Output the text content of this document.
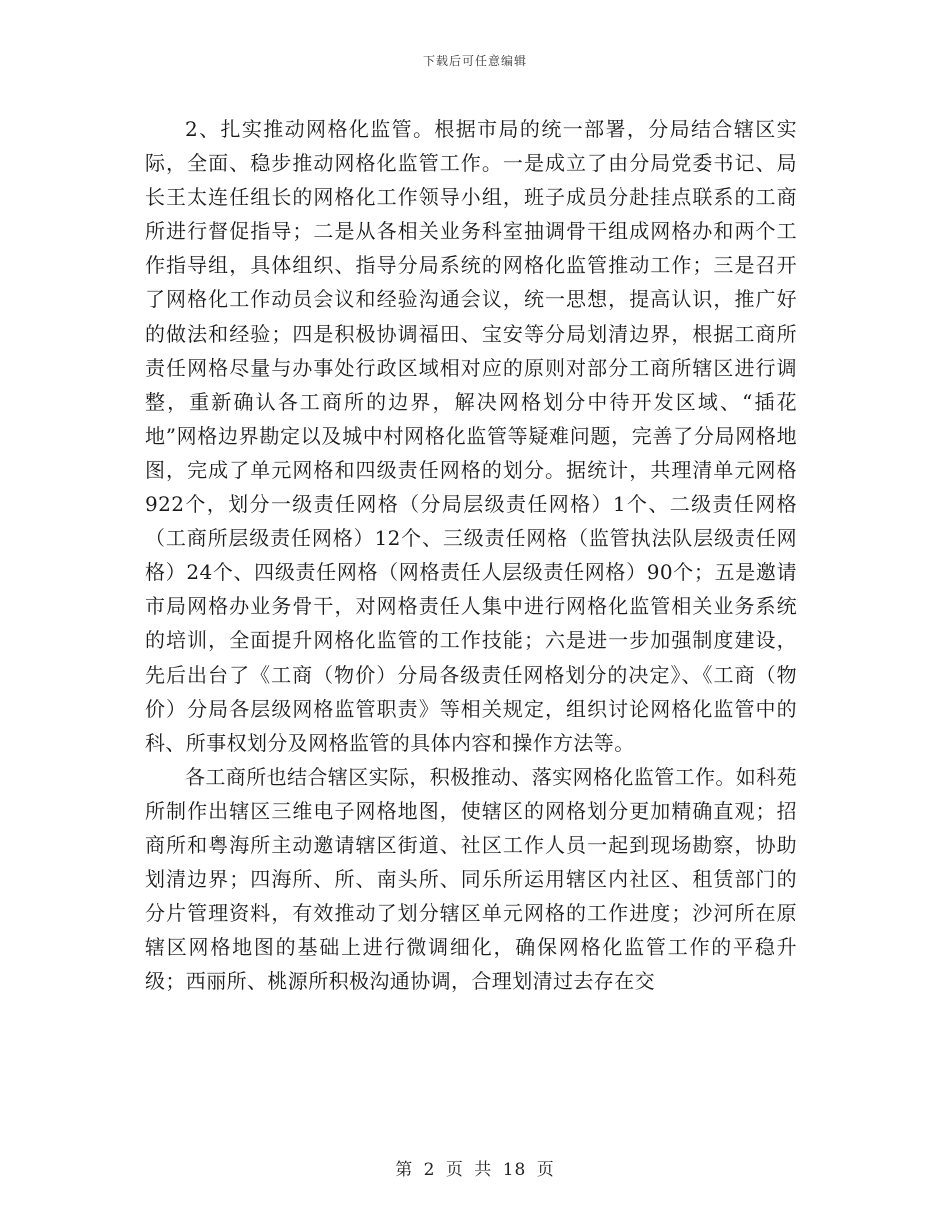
下载后可任意编辑

2、扎实推动网格化监管。根据市局的统一部署，分局结合辖区实际，全面、稳步推动网格化监管工作。一是成立了由分局党委书记、局长王太连任组长的网格化工作领导小组，班子成员分赴挂点联系的工商所进行督促指导；二是从各相关业务科室抽调骨干组成网格办和两个工作指导组，具体组织、指导分局系统的网格化监管推动工作；三是召开了网格化工作动员会议和经验沟通会议，统一思想，提高认识，推广好的做法和经验；四是积极协调福田、宝安等分局划清边界，根据工商所责任网格尽量与办事处行政区域相对应的原则对部分工商所辖区进行调整，重新确认各工商所的边界，解决网格划分中待开发区域、“插花地”网格边界勘定以及城中村网格化监管等疑难问题，完善了分局网格地图，完成了单元网格和四级责任网格的划分。据统计，共理清单元网格922个，划分一级责任网格（分局层级责任网格）1个、二级责任网格（工商所层级责任网格）12个、三级责任网格（监管执法队层级责任网格）24个、四级责任网格（网格责任人层级责任网格）90个；五是邀请市局网格办业务骨干，对网格责任人集中进行网格化监管相关业务系统的培训，全面提升网格化监管的工作技能；六是进一步加强制度建设，先后出台了《工商（物价）分局各级责任网格划分的决定》、《工商（物价）分局各层级网格监管职责》等相关规定，组织讨论网格化监管中的科、所事权划分及网格监管的具体内容和操作方法等。

各工商所也结合辖区实际，积极推动、落实网格化监管工作。如科苑所制作出辖区三维电子网格地图，使辖区的网格划分更加精确直观；招商所和粤海所主动邀请辖区街道、社区工作人员一起到现场勘察，协助划清边界；四海所、所、南头所、同乐所运用辖区内社区、租赁部门的分片管理资料，有效推动了划分辖区单元网格的工作进度；沙河所在原辖区网格地图的基础上进行微调细化，确保网格化监管工作的平稳升级；西丽所、桃源所积极沟通协调，合理划清过去存在交

第 2 页 共 18 页
